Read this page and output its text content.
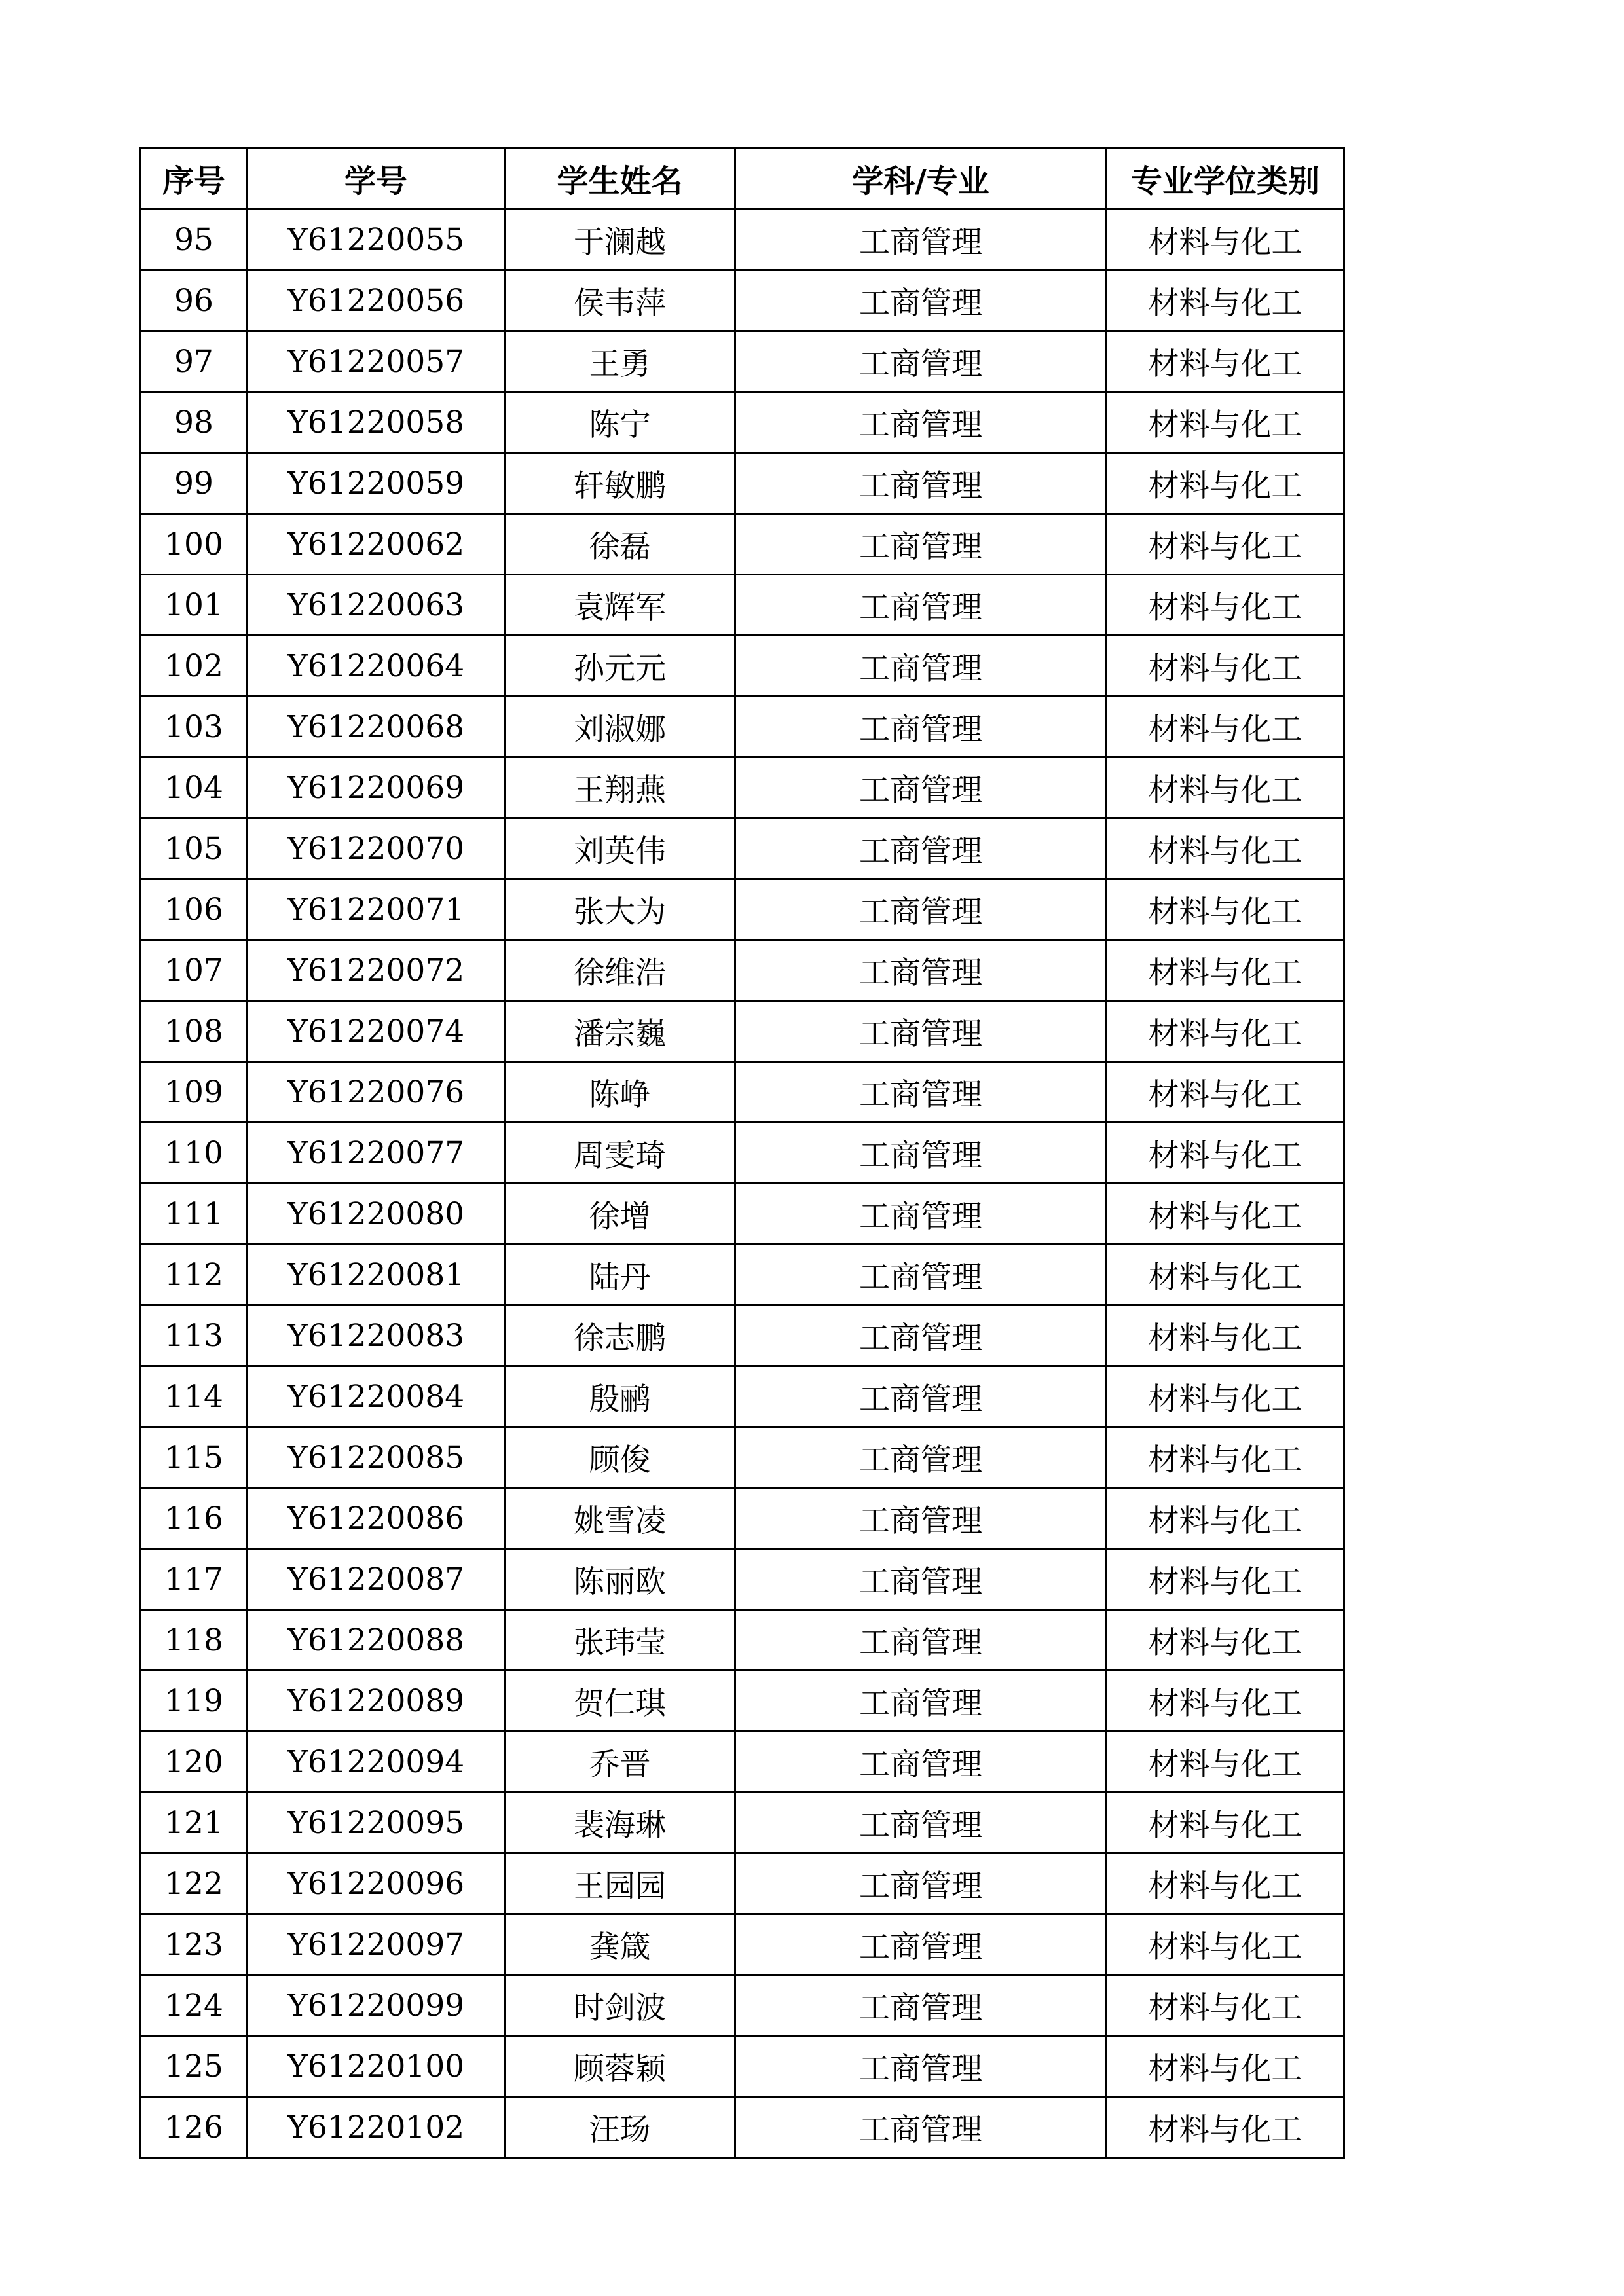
序号	学号	学生姓名	学科/专业	专业学位类别
95	Y61220055	于澜越	工商管理	材料与化工
96	Y61220056	侯韦萍	工商管理	材料与化工
97	Y61220057	王勇	工商管理	材料与化工
98	Y61220058	陈宁	工商管理	材料与化工
99	Y61220059	轩敏鹏	工商管理	材料与化工
100	Y61220062	徐磊	工商管理	材料与化工
101	Y61220063	袁辉军	工商管理	材料与化工
102	Y61220064	孙元元	工商管理	材料与化工
103	Y61220068	刘淑娜	工商管理	材料与化工
104	Y61220069	王翔燕	工商管理	材料与化工
105	Y61220070	刘英伟	工商管理	材料与化工
106	Y61220071	张大为	工商管理	材料与化工
107	Y61220072	徐维浩	工商管理	材料与化工
108	Y61220074	潘宗巍	工商管理	材料与化工
109	Y61220076	陈峥	工商管理	材料与化工
110	Y61220077	周雯琦	工商管理	材料与化工
111	Y61220080	徐增	工商管理	材料与化工
112	Y61220081	陆丹	工商管理	材料与化工
113	Y61220083	徐志鹏	工商管理	材料与化工
114	Y61220084	殷鹂	工商管理	材料与化工
115	Y61220085	顾俊	工商管理	材料与化工
116	Y61220086	姚雪凌	工商管理	材料与化工
117	Y61220087	陈丽欧	工商管理	材料与化工
118	Y61220088	张玮莹	工商管理	材料与化工
119	Y61220089	贺仁琪	工商管理	材料与化工
120	Y61220094	乔晋	工商管理	材料与化工
121	Y61220095	裴海琳	工商管理	材料与化工
122	Y61220096	王园园	工商管理	材料与化工
123	Y61220097	龚箴	工商管理	材料与化工
124	Y61220099	时剑波	工商管理	材料与化工
125	Y61220100	顾蓉颖	工商管理	材料与化工
126	Y61220102	汪玚	工商管理	材料与化工
